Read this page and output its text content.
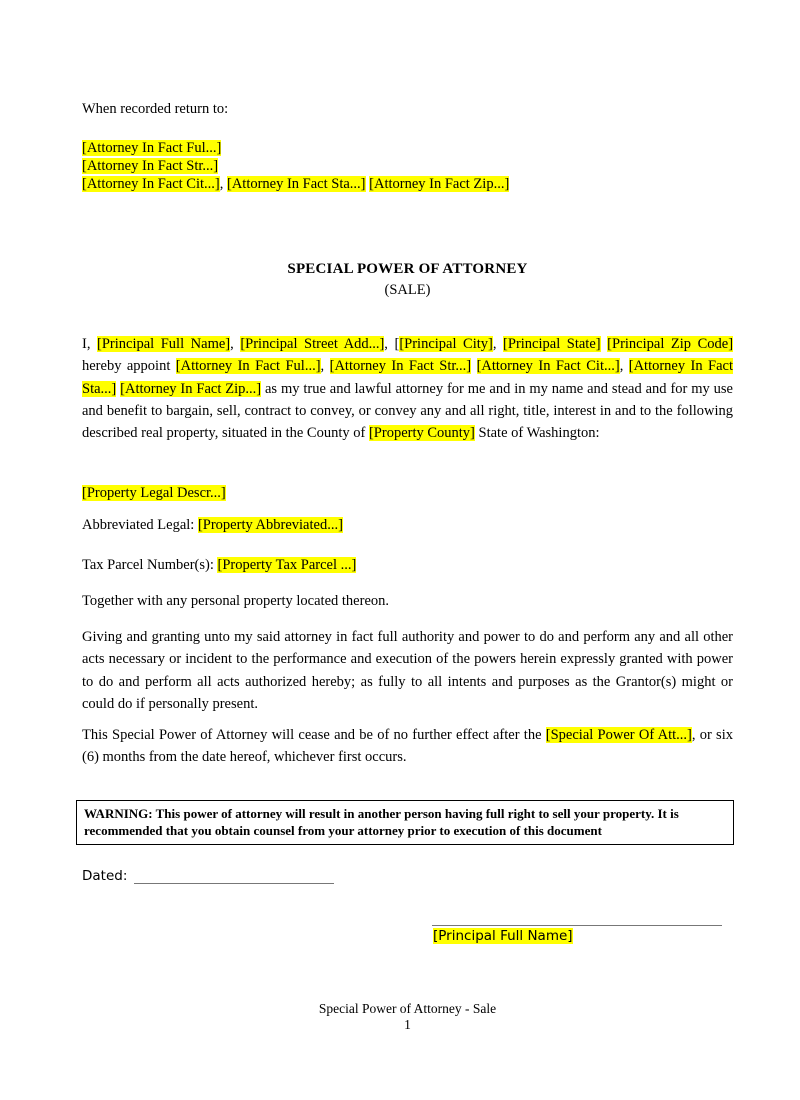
When recorded return to:
[Attorney In Fact Ful...]
[Attorney In Fact Str...]
[Attorney In Fact Cit...], [Attorney In Fact Sta...] [Attorney In Fact Zip...]
SPECIAL POWER OF ATTORNEY
(SALE)
I, [Principal Full Name], [Principal Street Add...], [[Principal City], [Principal State] [Principal Zip Code] hereby appoint [Attorney In Fact Ful...], [Attorney In Fact Str...] [Attorney In Fact Cit...], [Attorney In Fact Sta...] [Attorney In Fact Zip...] as my true and lawful attorney for me and in my name and stead and for my use and benefit to bargain, sell, contract to convey, or convey any and all right, title, interest in and to the following described real property, situated in the County of [Property County] State of Washington:
[Property Legal Descr...]
Abbreviated Legal: [Property Abbreviated...]
Tax Parcel Number(s): [Property Tax Parcel ...]
Together with any personal property located thereon.
Giving and granting unto my said attorney in fact full authority and power to do and perform any and all other acts necessary or incident to the performance and execution of the powers herein expressly granted with power to do and perform all acts authorized hereby; as fully to all intents and purposes as the Grantor(s) might or could do if personally present.
This Special Power of Attorney will cease and be of no further effect after the [Special Power Of Att...], or six (6) months from the date hereof, whichever first occurs.
Dated:
[Principal Full Name]
Special Power of Attorney - Sale
1
WARNING: This power of attorney will result in another person having full right to sell your property. It is recommended that you obtain counsel from your attorney prior to execution of this document
